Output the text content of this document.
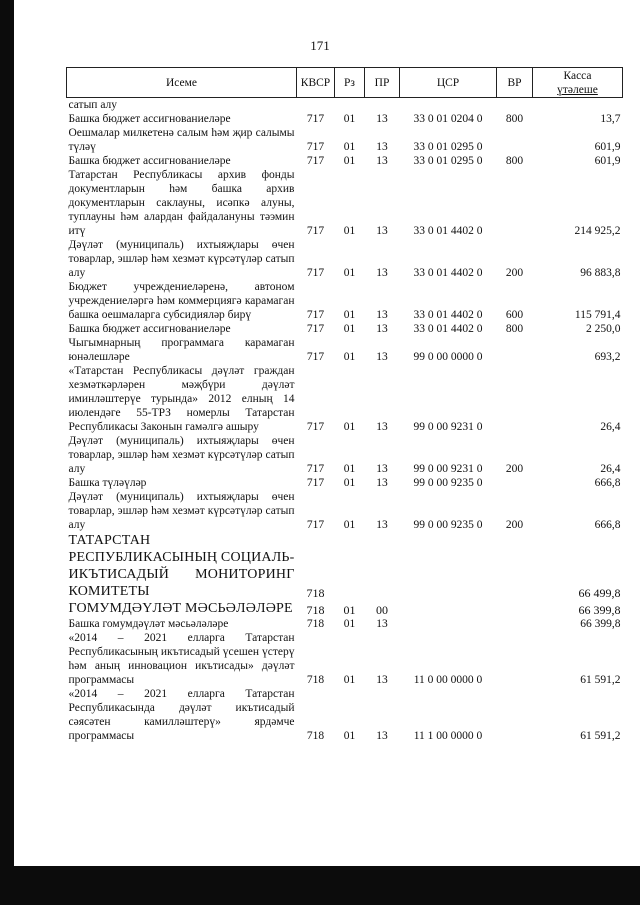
171
Исеме	КВСР	Рз	ПР	ЦСР	ВР	Касса
үтәлеше

сатып алу						
Башка бюджет ассигнованиеләре	717	01	13	33 0 01 0204 0	800	13,7
Оешмалар милкетенә салым һәм җир салымы түләү	717	01	13	33 0 01 0295 0		601,9
Башка бюджет ассигнованиеләре	717	01	13	33 0 01 0295 0	800	601,9
Татарстан Республикасы архив фонды документларын һәм башка архив документларын саклауны, исәпкә алуны, туплауны һәм алардан файдалануны тәэмин итү	717	01	13	33 0 01 4402 0		214 925,2
Дәүләт (муниципаль) ихтыяҗлары өчен товарлар, эшләр һәм хезмәт күрсәтүләр сатып алу	717	01	13	33 0 01 4402 0	200	96 883,8
Бюджет учреждениеләренә, автоном учреждениеләргә һәм коммерциягә карамаган башка оешмаларга субсидияләр бирү	717	01	13	33 0 01 4402 0	600	115 791,4
Башка бюджет ассигнованиеләре	717	01	13	33 0 01 4402 0	800	2 250,0
Чыгымнарның программага карамаган юнәлешләре	717	01	13	99 0 00 0000 0		693,2
«Татарстан Республикасы дәүләт граждан хезмәткәрләрен мәҗбүри дәүләт иминләштерүе турында» 2012 елның 14 июлендәге 55-ТРЗ номерлы Татарстан Республикасы Законын гамәлгә ашыру	717	01	13	99 0 00 9231 0		26,4
Дәүләт (муниципаль) ихтыяҗлары өчен товарлар, эшләр һәм хезмәт күрсәтүләр сатып алу	717	01	13	99 0 00 9231 0	200	26,4
Башка түләүләр	717	01	13	99 0 00 9235 0		666,8
Дәүләт (муниципаль) ихтыяҗлары өчен товарлар, эшләр һәм хезмәт күрсәтүләр сатып алу	717	01	13	99 0 00 9235 0	200	666,8
ТАТАРСТАН РЕСПУБЛИКАСЫНЫҢ СОЦИАЛЬ-ИКЪТИСАДЫЙ МОНИТОРИНГ КОМИТЕТЫ	718					66 499,8
ГОМУМДӘҮЛӘТ МӘСЬӘЛӘЛӘРЕ	718	01	00			66 399,8
Башка гомумдәүләт мәсьәләләре	718	01	13			66 399,8
«2014 – 2021 елларга Татарстан Республикасының икътисадый үсешен үстерү һәм аның инновацион икътисады» дәүләт программасы	718	01	13	11 0 00 0000 0		61 591,2
«2014 – 2021 елларга Татарстан Республикасында дәүләт икътисадый сәясәтен камилләштерү» ярдәмче программасы	718	01	13	11 1 00 0000 0		61 591,2
